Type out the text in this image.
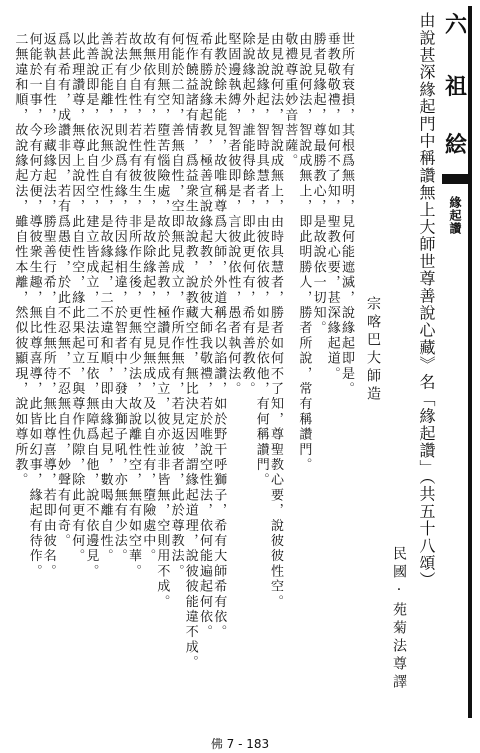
六
祖
絵
緣起讚
由說甚深緣起門中稱讚無上大師世尊善說心藏》名「緣起讚」（共五十八頌）
民國·苑菊法尊譯
宗喀巴大師造
世所有衰損，其根爲無明，見何能遮滅，說緣起即是。
垂教敬敬禮，如何不了知，聖教心要，甚深緣起道。
勝者見緣起，尊最勝教心，是故說依一切知。
由見說何法，智說成無上，即此明勝人，勝者所說，常有稱讚門。
敬禮尊重妙音菩薩。
由見說何法，智說成無上，由時具慧者，勝者如何不了知，尊聖教心要，說彼彼性空。
是故說緣起，智時具慧者，由彼依依彼，如是於依他，有何稱讚門。
除說緣起外，誰能得餘者，即此更何有，希有善教敎。
堅固邊執縛，智者彼即是，言彼說依性，愚者執何法。
此教於餘未能見，故唯稱尊爲大師，外道稱名以諂讚，如於野干呼獅子，希有大師希有依。
希有勝說緣起教，極善宣說緣起教，於彼大師我敬禮，若於唯說空性法，依何能遍起何依。
恆作饒益諸有情，爲益衆生故說教，說教藏空性，無比決定因，謂緣起道理，說彼彼能違不成。
何能於二知，善無自性，空即無見成立，作所作無有，若見返彼者，此於尊教法。
有用則無空，墮苦惱險處，故於此善教，極讚見無成立，彼亦並非皆無，空則用不成。
故無依有有，若性有彼生，是故除緣起，性空見無成，及以自性有，墮險處中。
故無少自性，若性有彼生，非所作生後，更無有少法，故說離性空，無有如空華。
若法有自性，則說爲有緣，待因緣相違，於智者中，發大獅子吼，亦無有少法。
善說正能離，況無少自性，是故緣起，二不違和順，即由緣起見，數喝離自性。
此善說即是，依此自性空，建立皆成立，二法可互依，無障爲自他，說不依邊見。
以此理讚尊，無尊上說因，此自性空，緣此果起立，與尊作仇隙，除此更有何。
爲甚希有，成讚非因，若有爲愚使，於此不忍無，不忍無自性，妙聲有何奇。
返執有自性，珍藏緣起法，勝聖善行希，自性無所待，無比尊喜導，若即由彼名。
何能於一事，今有何方便，導彼衆生趣，無比尊喜導，此皆如幻事，緣起有待作。
二無違和順，故說緣起法，雖自性本離，然似彼顯現，說如尊所教。
佛 7 - 183
